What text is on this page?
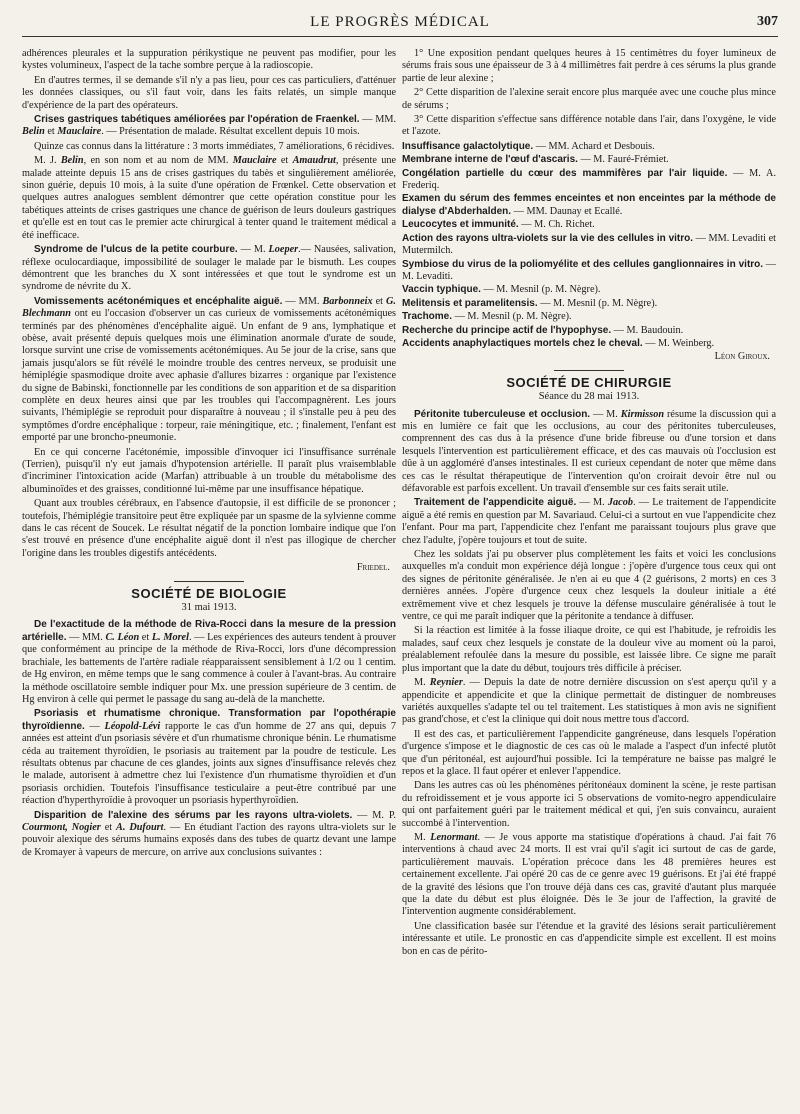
LE PROGRÈS MÉDICAL	307

adhérences pleurales et la suppuration périkystique ne peuvent pas modifier, pour les kystes volumineux, l'aspect de la tache sombre perçue à la radioscopie.

En d'autres termes, il se demande s'il n'y a pas lieu, pour ces cas particuliers, d'atténuer les données classiques, ou s'il faut voir, dans les faits relatés, un simple manque d'expérience de la part des opérateurs.

Crises gastriques tabétiques améliorées par l'opération de Fraenkel. — MM. Belin et Mauclaire. — Présentation de malade. Résultat excellent depuis 10 mois.

Quinze cas connus dans la littérature : 3 morts immédiates, 7 améliorations, 6 récidives.

M. J. Belin, en son nom et au nom de MM. Mauclaire et Amaudrut, présente une malade atteinte depuis 15 ans de crises gastriques du tabès et singulièrement améliorée, sinon guérie, depuis 10 mois, à la suite d'une opération de Frœnkel. Cette observation et quelques autres analogues semblent démontrer que cette opération constitue pour les tabétiques atteints de crises gastriques une chance de guérison de leurs douleurs gastriques et qu'elle est en tout cas le premier acte chirurgical à tenter quand le traitement médical a été inefficace.

Syndrome de l'ulcus de la petite courbure. — M. Loeper.— Nausées, salivation, réflexe oculocardiaque, impossibilité de soulager le malade par le bismuth. Les coupes démontrent que les branches du X sont intéressées et que tout le syndrome est un syndrome de névrite du X.

Vomissements acétonémiques et encéphalite aiguë. — MM. Barbonneix et G. Blechmann ont eu l'occasion d'observer un cas curieux de vomissements acétonémiques terminés par des phénomènes d'encéphalite aiguë. Un enfant de 9 ans, lymphatique et obèse, avait présenté depuis quelques mois une élimination anormale d'urate de soude, lorsque survint une crise de vomissements acétonémiques. Au 5e jour de la crise, sans que jamais jusqu'alors se fût révélé le moindre trouble des centres nerveux, se produisit une hémiplégie spasmodique droite avec aphasie d'allures bizarres : organique par l'existence du signe de Babinski, fonctionnelle par les conditions de son apparition et de sa disparition complète en deux heures ainsi que par les troubles qui l'accompagnèrent. Les jours suivants, l'hémiplégie se reproduit pour disparaître à nouveau ; il s'installe peu à peu des symptômes d'ordre encéphalique : torpeur, raie méningitique, etc. ; finalement, l'enfant est emporté par une broncho-pneumonie.

En ce qui concerne l'acétonémie, impossible d'invoquer ici l'insuffisance surrénale (Terrien), puisqu'il n'y eut jamais d'hypotension artérielle. Il paraît plus vraisemblable d'incriminer l'intoxication acide (Marfan) attribuable à un trouble du métabolisme des albuminoïdes et des graisses, conditionné lui-même par une insuffisance hépatique.

Quant aux troubles cérébraux, en l'absence d'autopsie, il est difficile de se prononcer ; toutefois, l'hémiplégie transitoire peut être expliquée par un spasme de la sylvienne comme dans le cas récent de Soucek. Le résultat négatif de la ponction lombaire indique que l'on s'est trouvé en présence d'une encéphalite aiguë dont il n'est pas illogique de chercher l'origine dans les troubles digestifs antécédents.

Friedel.
SOCIÉTÉ DE BIOLOGIE
31 mai 1913.

De l'exactitude de la méthode de Riva-Rocci dans la mesure de la pression artérielle. — MM. C. Léon et L. Morel. — Les expériences des auteurs tendent à prouver que conformément au principe de la méthode de Riva-Rocci, lors d'une décompression brachiale, les battements de l'artère radiale réapparaissent sensiblement à 1/2 ou 1 centim. de Hg environ, en même temps que le sang commence à couler à l'avant-bras. Au contraire la méthode oscillatoire semble indiquer pour Mx. une pression supérieure de 3 centim. de Hg environ à celle qui permet le passage du sang au-delà de la manchette.

Psoriasis et rhumatisme chronique. Transformation par l'opothérapie thyroïdienne. — Léopold-Lévi rapporte le cas d'un homme de 27 ans qui, depuis 7 années est atteint d'un psoriasis sévère et d'un rhumatisme chronique bénin. Le rhumatisme céda au traitement thyroïdien, le psoriasis au traitement par la poudre de testicule. Les résultats obtenus par chacune de ces glandes, joints aux signes d'insuffisance relevés chez le malade, autorisent à admettre chez lui l'existence d'un rhumatisme thyroïdien et d'un psoriasis orchidien. Toutefois l'insuffisance testiculaire a peut-être contribué par une réaction d'hyperthyroïdie à provoquer un psoriasis hyperthyroïdien.

Disparition de l'alexine des sérums par les rayons ultra-violets. — M. P. Courmont, Nogier et A. Dufourt. — En étudiant l'action des rayons ultra-violets sur le pouvoir alexique des sérums humains exposés dans des tubes de quartz devant une lampe de Kromayer à vapeurs de mercure, on arrive aux conclusions suivantes :

1° Une exposition pendant quelques heures à 15 centimètres du foyer lumineux de sérums frais sous une épaisseur de 3 à 4 millimètres fait perdre à ces sérums la plus grande partie de leur alexine ;

2° Cette disparition de l'alexine serait encore plus marquée avec une couche plus mince de sérums ;

3° Cette disparition s'effectue sans différence notable dans l'air, dans l'oxygène, le vide et l'azote.

Insuffisance galactolytique. — MM. Achard et Desbouis.

Membrane interne de l'œuf d'ascaris. — M. Fauré-Frémiet.

Congélation partielle du cœur des mammifères par l'air liquide. — M. A. Frederiq.

Examen du sérum des femmes enceintes et non enceintes par la méthode de dialyse d'Abderhalden. — MM. Daunay et Ecallé.

Leucocytes et immunité. — M. Ch. Richet.

Action des rayons ultra-violets sur la vie des cellules in vitro. — MM. Levaditi et Mutermilch.

Symbiose du virus de la poliomyélite et des cellules ganglionnaires in vitro. — M. Levaditi.

Vaccin typhique. — M. Mesnil (p. M. Nègre).

Melitensis et paramelitensis. — M. Mesnil (p. M. Nègre).

Trachome. — M. Mesnil (p. M. Nègre).

Recherche du principe actif de l'hypophyse. — M. Baudouin.

Accidents anaphylactiques mortels chez le cheval. — M. Weinberg.

Léon Giroux.
SOCIÉTÉ DE CHIRURGIE
Séance du 28 mai 1913.

Péritonite tuberculeuse et occlusion. — M. Kirmisson résume la discussion qui a mis en lumière ce fait que les occlusions, au cour des péritonites tuberculeuses, comprennent des cas dus à la présence d'une bride fibreuse ou d'une torsion et dans lesquels l'intervention est particulièrement efficace, et des cas mauvais où l'occlusion est dûe à un aggloméré d'anses intestinales. Il est curieux cependant de noter que même dans ces cas le résultat thérapeutique de l'intervention qu'on croirait devoir être nul ou défavorable est parfois excellent. Un travail d'ensemble sur ces faits serait utile.

Traitement de l'appendicite aiguë. — M. Jacob. — Le traitement de l'appendicite aiguë a été remis en question par M. Savariaud. Celui-ci a surtout en vue l'appendicite chez l'enfant. Pour ma part, l'appendicite chez l'enfant me paraissant toujours plus grave que chez l'adulte, j'opère toujours et tout de suite.

Chez les soldats j'ai pu observer plus complètement les faits et voici les conclusions auxquelles m'a conduit mon expérience déjà longue : j'opère d'urgence tous ceux qui ont des signes de péritonite généralisée. Je n'en ai eu que 4 (2 guérisons, 2 morts) en ces 3 dernières années. J'opère d'urgence ceux chez lesquels la douleur initiale a été extrêmement vive et chez lesquels je trouve la défense musculaire généralisée à tout le ventre, ce qui me paraît indiquer que la péritonite a tendance à diffuser.

Si la réaction est limitée à la fosse iliaque droite, ce qui est l'habitude, je refroidis les malades, sauf ceux chez lesquels je constate de la douleur vive au moment où la paroi, préalablement refoulée dans la mesure du possible, est laissée libre. Ce signe me paraît plus important que la date du début, toujours très difficile à préciser.

M. Reynier. — Depuis la date de notre dernière discussion on s'est aperçu qu'il y a appendicite et appendicite et que la clinique permettait de distinguer de nombreuses variétés auxquelles s'adapte tel ou tel traitement. Les statistiques à mon avis ne signifient pas grand'chose, et c'est la clinique qui doit nous mettre tous d'accord.

Il est des cas, et particulièrement l'appendicite gangréneuse, dans lesquels l'opération d'urgence s'impose et le diagnostic de ces cas où le malade a l'aspect d'un infecté plutôt que d'un péritonéal, est aujourd'hui possible. Ici la température ne baisse pas malgré le repos et la glace. Il faut opérer et enlever l'appendice.

Dans les autres cas où les phénomènes péritonéaux dominent la scène, je reste partisan du refroidissement et je vous apporte ici 5 observations de vomito-negro appendiculaire qui ont parfaitement guéri par le traitement médical et qui, j'en suis convaincu, auraient succombé à l'intervention.

M. Lenormant. — Je vous apporte ma statistique d'opérations à chaud. J'ai fait 76 interventions à chaud avec 24 morts. Il est vrai qu'il s'agit ici surtout de cas de garde, particulièrement mauvais. L'opération précoce dans les 48 premières heures est certainement excellente. J'ai opéré 20 cas de ce genre avec 19 guérisons. Et j'ai été frappé de la gravité des lésions que l'on trouve déjà dans ces cas, gravité d'autant plus marquée que la date du début est plus éloignée. Dès le 3e jour de l'affection, la gravité de l'intervention augmente considérablement.

Une classification basée sur l'étendue et la gravité des lésions serait particulièrement intéressante et utile. Le pronostic en cas d'appendicite simple est excellent. Il est moins bon en cas de périto-
